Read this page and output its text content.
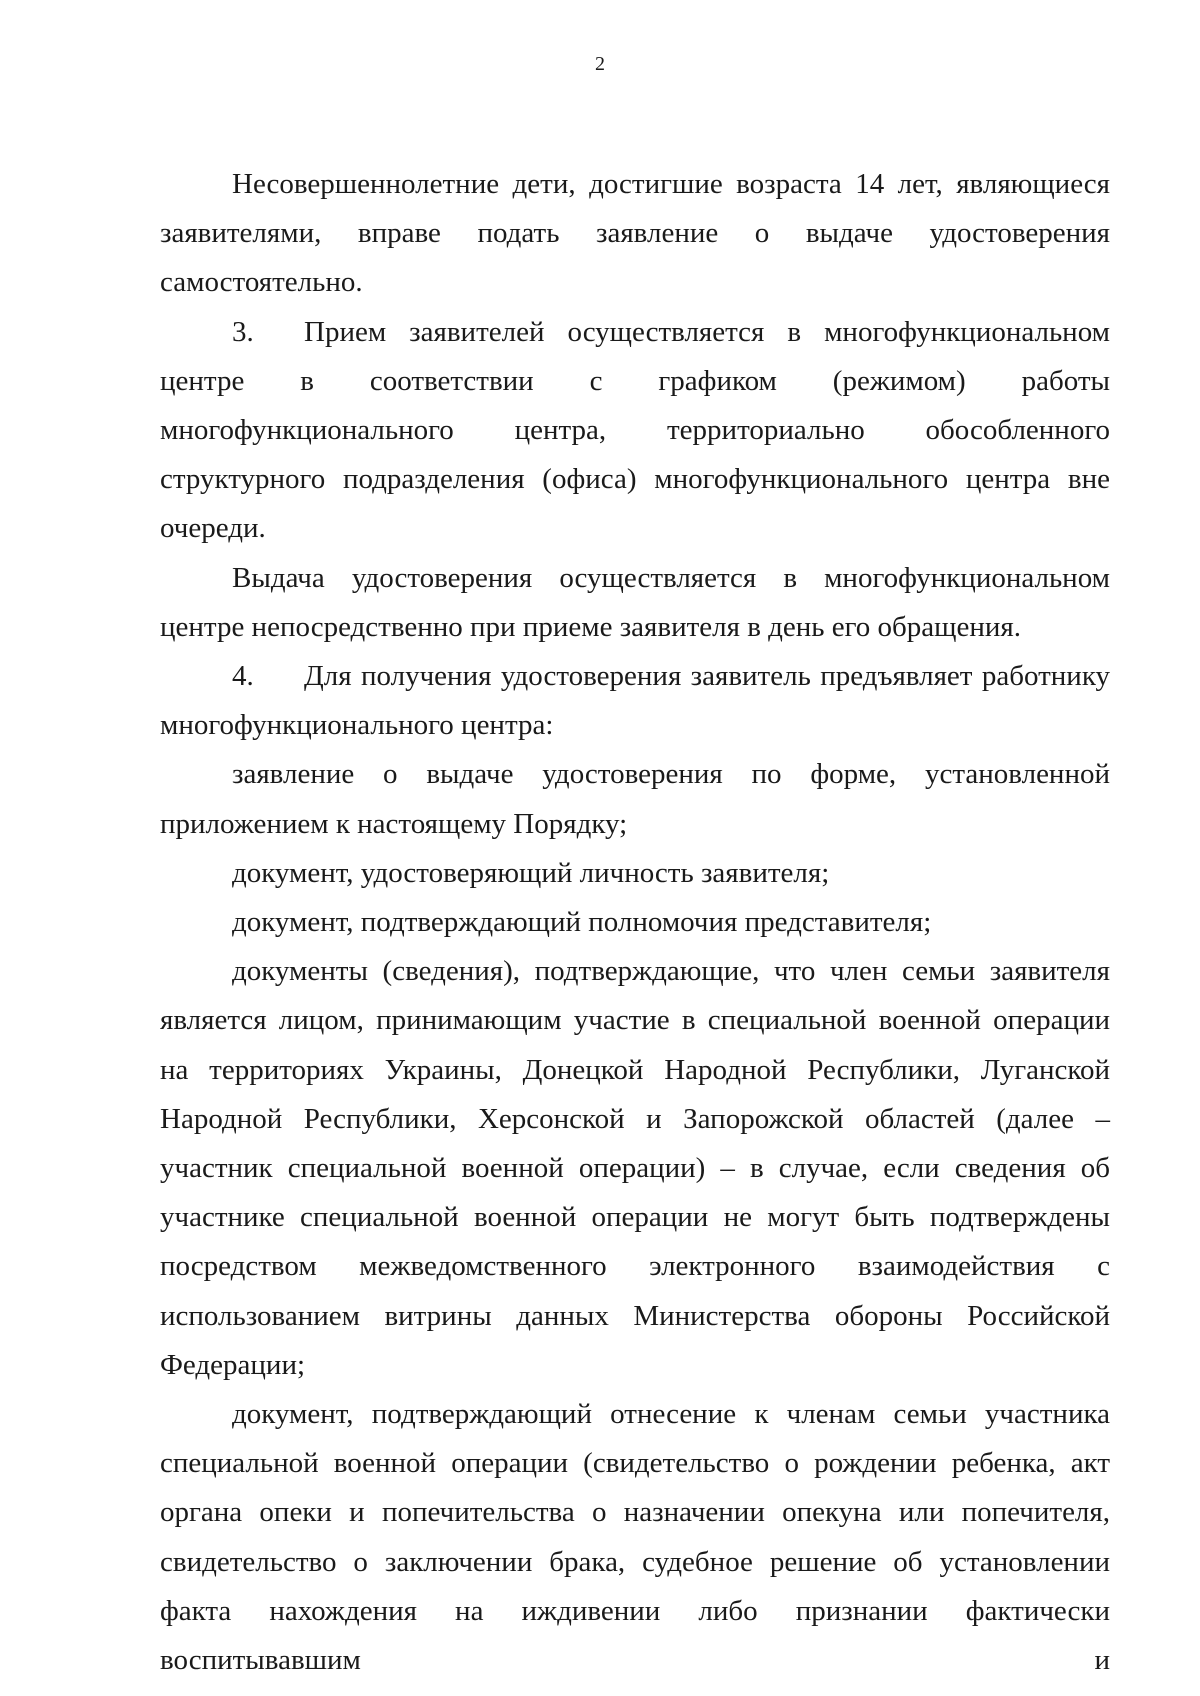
2

Несовершеннолетние дети, достигшие возраста 14 лет, являющиеся заявителями, вправе подать заявление о выдаче удостоверения самостоятельно.

3. Прием заявителей осуществляется в многофункциональном центре в соответствии с графиком (режимом) работы многофункционального центра, территориально обособленного структурного подразделения (офиса) многофункционального центра вне очереди.

Выдача удостоверения осуществляется в многофункциональном центре непосредственно при приеме заявителя в день его обращения.

4. Для получения удостоверения заявитель предъявляет работнику многофункционального центра:

заявление о выдаче удостоверения по форме, установленной приложением к настоящему Порядку;

документ, удостоверяющий личность заявителя;

документ, подтверждающий полномочия представителя;

документы (сведения), подтверждающие, что член семьи заявителя является лицом, принимающим участие в специальной военной операции на территориях Украины, Донецкой Народной Республики, Луганской Народной Республики, Херсонской и Запорожской областей (далее – участник специальной военной операции) – в случае, если сведения об участнике специальной военной операции не могут быть подтверждены посредством межведомственного электронного взаимодействия с использованием витрины данных Министерства обороны Российской Федерации;

документ, подтверждающий отнесение к членам семьи участника специальной военной операции (свидетельство о рождении ребенка, акт органа опеки и попечительства о назначении опекуна или попечителя, свидетельство о заключении брака, судебное решение об установлении факта нахождения на иждивении либо признании фактически воспитывавшим и
